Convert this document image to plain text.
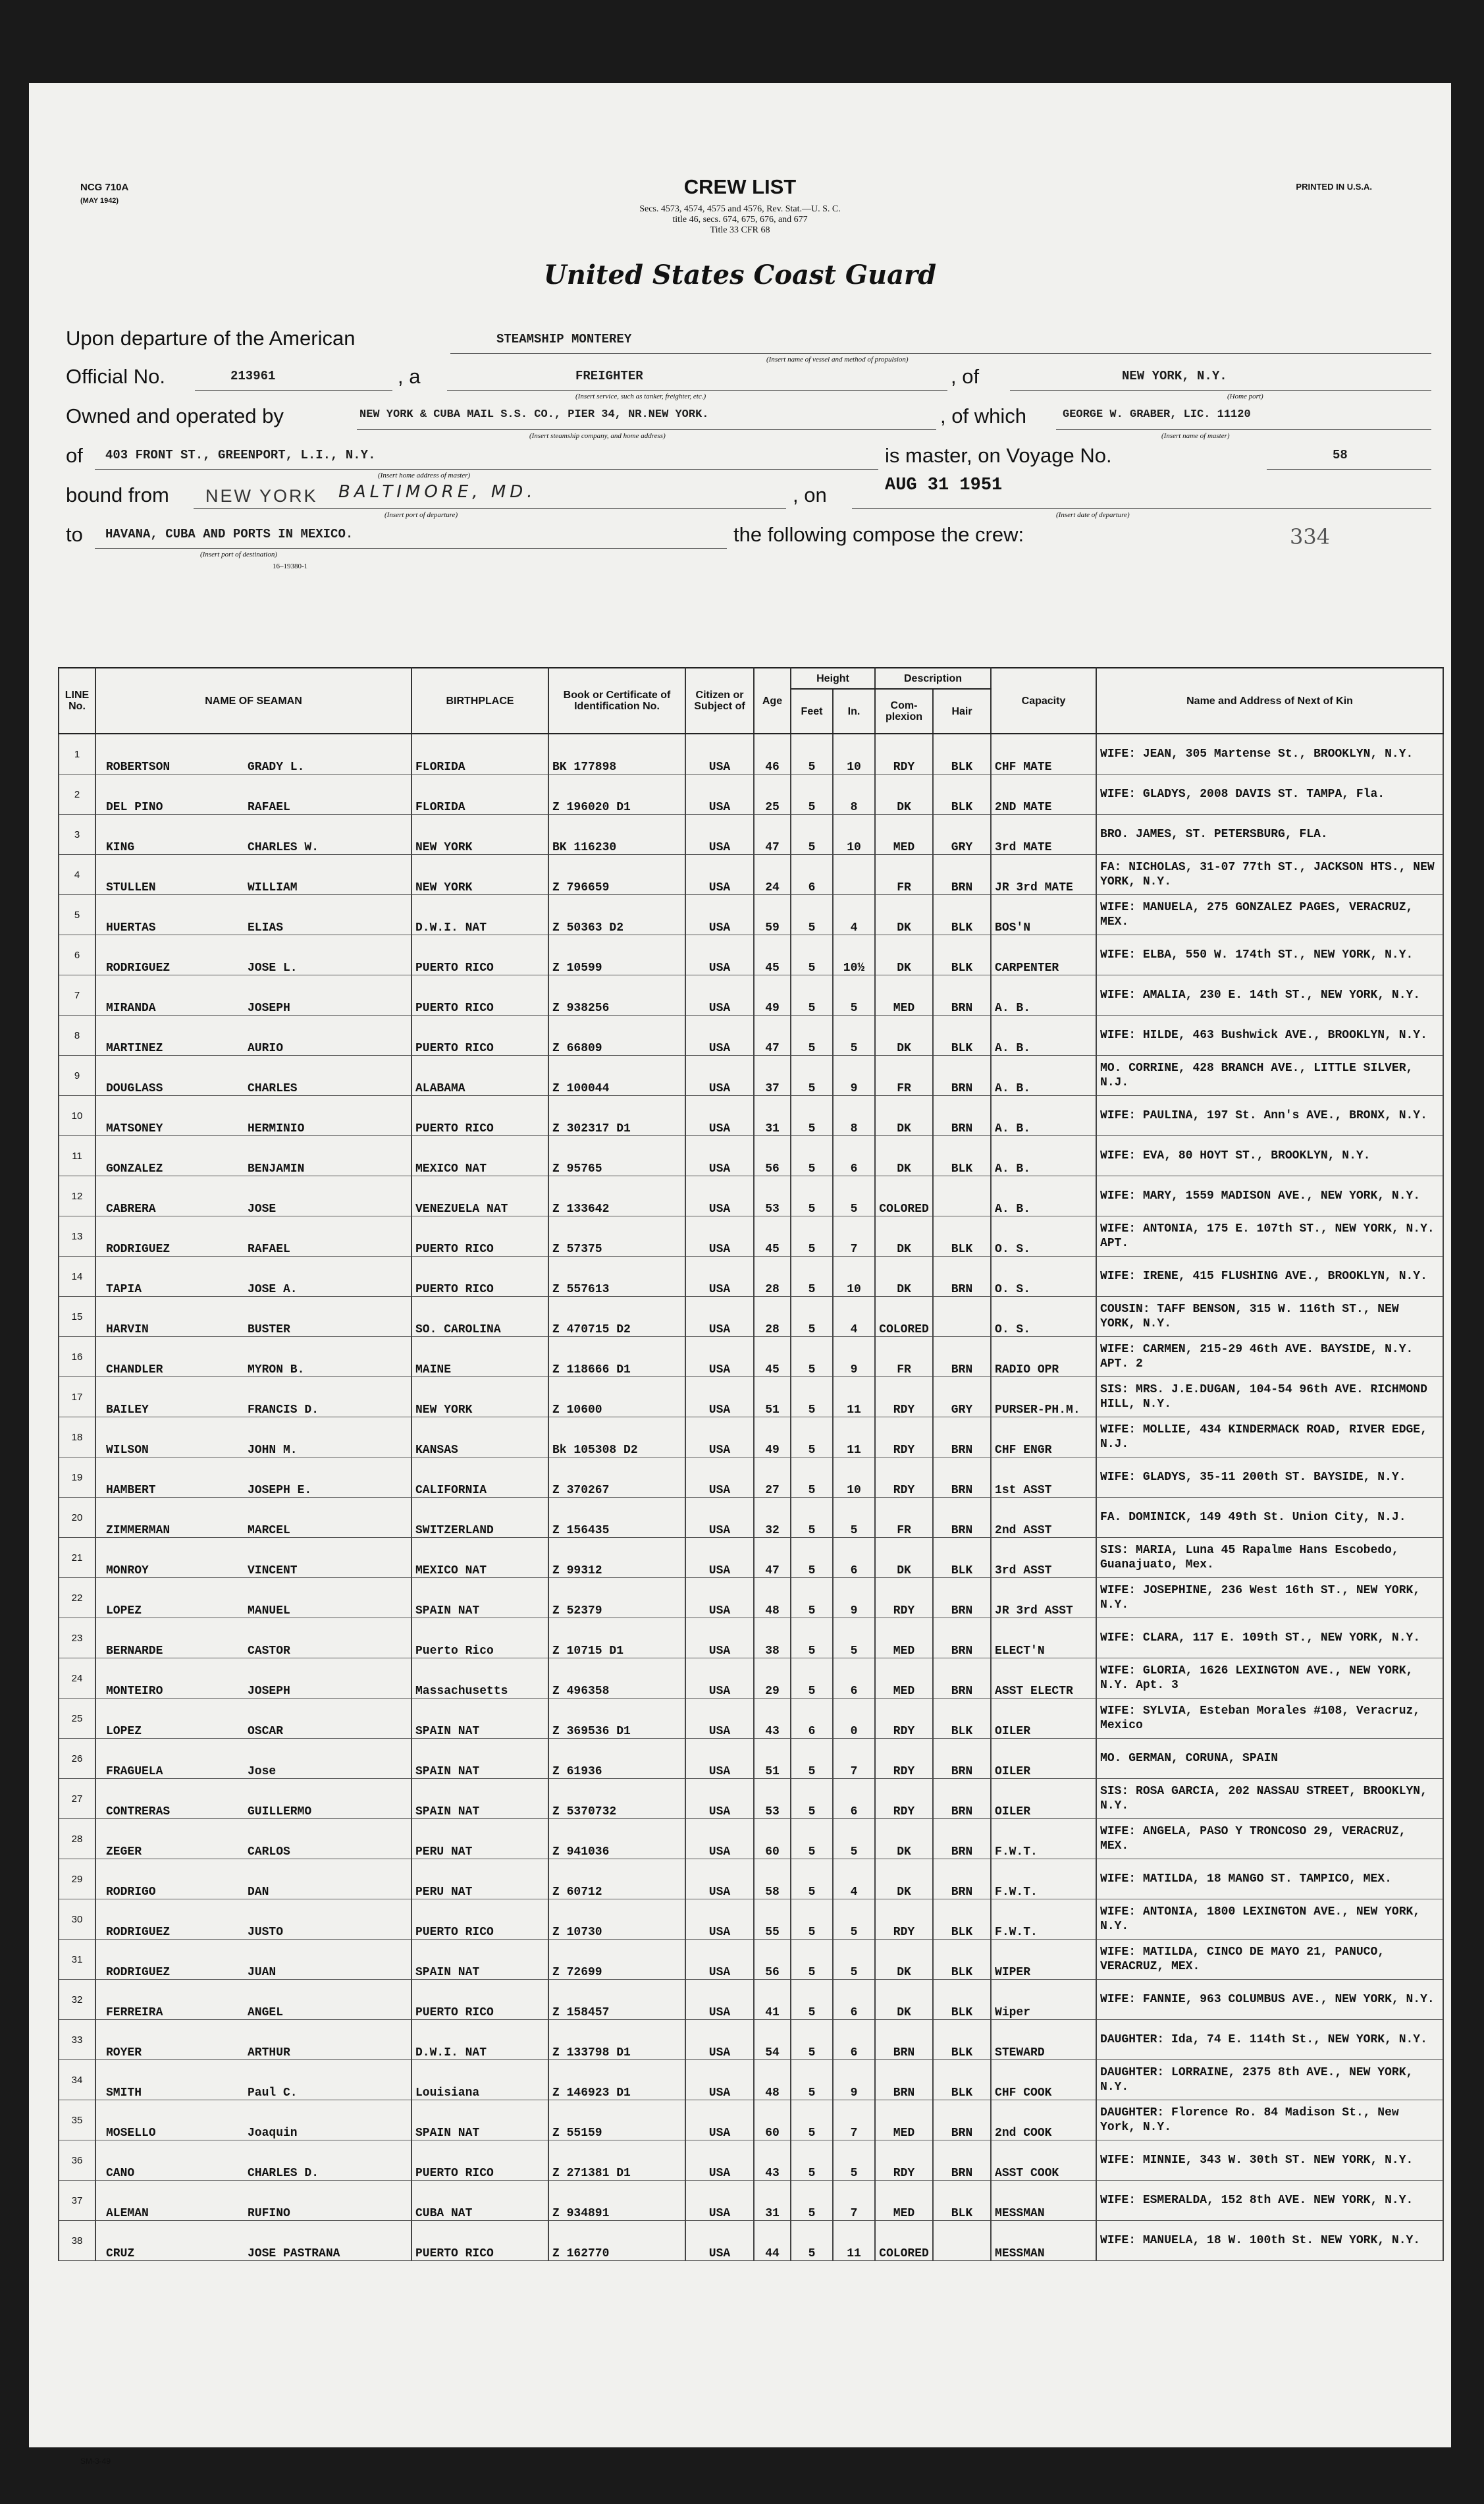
NCG 710A
(MAY 1942)
PRINTED IN U.S.A.
CREW LIST
Secs. 4573, 4574, 4575 and 4576, Rev. Stat.—U. S. C.
title 46, secs. 674, 675, 676, and 677
Title 33 CFR 68
United States Coast Guard
Upon departure of the American	STEAMSHIP MONTEREY
(Insert name of vessel and method of propulsion)
Official No.	213961	, a	FREIGHTER
(Insert service, such as tanker, freighter, etc.)
, of	NEW YORK, N.Y.
(Home port)
Owned and operated by	NEW YORK & CUBA MAIL S.S. CO., PIER 34, NR.NEW YORK.
(Insert steamship company, and home address)
, of which	GEORGE W. GRABER, LIC. 11120
(Insert name of master)
of 403 FRONT ST., GREENPORT, L.I., N.Y.
(Insert home address of master)
is master, on Voyage No.	58
bound from NEW YORK BALTIMORE, MD.
(Insert port of departure)
, on	AUG 31 1951
(Insert date of departure)
to HAVANA, CUBA AND PORTS IN MEXICO.
(Insert port of destination)
16–19380-1
the following compose the crew:	334
LINE No.	NAME OF SEAMAN	BIRTHPLACE	Book or Certificate of Identification No.	Citizen or Subject of	Age	Height		Description		Capacity	Name and Address of Next of Kin
						Feet	In.	Com-plexion	Hair		
1	ROBERTSON GRADY L.	FLORIDA	BK 177898	USA	46	5	10	RDY	BLK	CHF MATE	WIFE: JEAN, 305 Martense St., BROOKLYN, N.Y.
2	DEL PINO RAFAEL	FLORIDA	Z 196020 D1	USA	25	5	8	DK	BLK	2ND MATE	WIFE: GLADYS, 2008 DAVIS ST. TAMPA, Fla.
3	KING CHARLES W.	NEW YORK	BK 116230	USA	47	5	10	MED	GRY	3rd MATE	BRO. JAMES, ST. PETERSBURG, FLA.
4	STULLEN WILLIAM	NEW YORK	Z 796659	USA	24	6		FR	BRN	JR 3rd MATE	FA: NICHOLAS, 31-07 77th ST., JACKSON HTS., NEW YORK, N.Y.
5	HUERTAS ELIAS	D.W.I. NAT	Z 50363 D2	USA	59	5	4	DK	BLK	BOS'N	WIFE: MANUELA, 275 GONZALEZ PAGES, VERACRUZ, MEX.
6	RODRIGUEZ JOSE L.	PUERTO RICO	Z 10599	USA	45	5	10½	DK	BLK	CARPENTER	WIFE: ELBA, 550 W. 174th ST., NEW YORK, N.Y.
7	MIRANDA JOSEPH	PUERTO RICO	Z 938256	USA	49	5	5	MED	BRN	A. B.	WIFE: AMALIA, 230 E. 14th ST., NEW YORK, N.Y.
8	MARTINEZ AURIO	PUERTO RICO	Z 66809	USA	47	5	5	DK	BLK	A. B.	WIFE: HILDE, 463 Bushwick AVE., BROOKLYN, N.Y.
9	DOUGLASS CHARLES	ALABAMA	Z 100044	USA	37	5	9	FR	BRN	A. B.	MO. CORRINE, 428 BRANCH AVE., LITTLE SILVER, N.J.
10	MATSONEY HERMINIO	PUERTO RICO	Z 302317 D1	USA	31	5	8	DK	BRN	A. B.	WIFE: PAULINA, 197 St. Ann's AVE., BRONX, N.Y.
11	GONZALEZ BENJAMIN	MEXICO NAT	Z 95765	USA	56	5	6	DK	BLK	A. B.	WIFE: EVA, 80 HOYT ST., BROOKLYN, N.Y.
12	CABRERA JOSE	VENEZUELA NAT	Z 133642	USA	53	5	5	COLORED		A. B.	WIFE: MARY, 1559 MADISON AVE., NEW YORK, N.Y.
13	RODRIGUEZ RAFAEL	PUERTO RICO	Z 57375	USA	45	5	7	DK	BLK	O. S.	WIFE: ANTONIA, 175 E. 107th ST., NEW YORK, N.Y. APT.
14	TAPIA JOSE A.	PUERTO RICO	Z 557613	USA	28	5	10	DK	BRN	O. S.	WIFE: IRENE, 415 FLUSHING AVE., BROOKLYN, N.Y.
15	HARVIN BUSTER	SO. CAROLINA	Z 470715 D2	USA	28	5	4	COLORED		O. S.	COUSIN: TAFF BENSON, 315 W. 116th ST., NEW YORK, N.Y.
16	CHANDLER MYRON B.	MAINE	Z 118666 D1	USA	45	5	9	FR	BRN	RADIO OPR	WIFE: CARMEN, 215-29 46th AVE. BAYSIDE, N.Y. APT. 2
17	BAILEY FRANCIS D.	NEW YORK	Z 10600	USA	51	5	11	RDY	GRY	PURSER-PH.M.	SIS: MRS. J.E.DUGAN, 104-54 96th AVE. RICHMOND HILL, N.Y.
18	WILSON JOHN M.	KANSAS	Bk 105308 D2	USA	49	5	11	RDY	BRN	CHF ENGR	WIFE: MOLLIE, 434 KINDERMACK ROAD, RIVER EDGE, N.J.
19	HAMBERT JOSEPH E.	CALIFORNIA	Z 370267	USA	27	5	10	RDY	BRN	1st ASST	WIFE: GLADYS, 35-11 200th ST. BAYSIDE, N.Y.
20	ZIMMERMAN MARCEL	SWITZERLAND	Z 156435	USA	32	5	5	FR	BRN	2nd ASST	FA. DOMINICK, 149 49th St. Union City, N.J.
21	MONROY VINCENT	MEXICO NAT	Z 99312	USA	47	5	6	DK	BLK	3rd ASST	SIS: MARIA, Luna 45 Rapalme Hans Escobedo, Guanajuato, Mex.
22	LOPEZ MANUEL	SPAIN NAT	Z 52379	USA	48	5	9	RDY	BRN	JR 3rd ASST	WIFE: JOSEPHINE, 236 West 16th ST., NEW YORK, N.Y.
23	BERNARDE CASTOR	Puerto Rico	Z 10715 D1	USA	38	5	5	MED	BRN	ELECT'N	WIFE: CLARA, 117 E. 109th ST., NEW YORK, N.Y.
24	MONTEIRO JOSEPH	Massachusetts	Z 496358	USA	29	5	6	MED	BRN	ASST ELECTR	WIFE: GLORIA, 1626 LEXINGTON AVE., NEW YORK, N.Y. Apt. 3
25	LOPEZ OSCAR	SPAIN NAT	Z 369536 D1	USA	43	6	0	RDY	BLK	OILER	WIFE: SYLVIA, Esteban Morales #108, Veracruz, Mexico
26	FRAGUELA Jose	SPAIN NAT	Z 61936	USA	51	5	7	RDY	BRN	OILER	MO. GERMAN, CORUNA, SPAIN
27	CONTRERAS GUILLERMO	SPAIN NAT	Z 5370732	USA	53	5	6	RDY	BRN	OILER	SIS: ROSA GARCIA, 202 NASSAU STREET, BROOKLYN, N.Y.
28	ZEGER CARLOS	PERU NAT	Z 941036	USA	60	5	5	DK	BRN	F.W.T.	WIFE: ANGELA, PASO Y TRONCOSO 29, VERACRUZ, MEX.
29	RODRIGO DAN	PERU NAT	Z 60712	USA	58	5	4	DK	BRN	F.W.T.	WIFE: MATILDA, 18 MANGO ST. TAMPICO, MEX.
30	RODRIGUEZ JUSTO	PUERTO RICO	Z 10730	USA	55	5	5	RDY	BLK	F.W.T.	WIFE: ANTONIA, 1800 LEXINGTON AVE., NEW YORK, N.Y.
31	RODRIGUEZ JUAN	SPAIN NAT	Z 72699	USA	56	5	5	DK	BLK	WIPER	WIFE: MATILDA, CINCO DE MAYO 21, PANUCO, VERACRUZ, MEX.
32	FERREIRA ANGEL	PUERTO RICO	Z 158457	USA	41	5	6	DK	BLK	Wiper	WIFE: FANNIE, 963 COLUMBUS AVE., NEW YORK, N.Y.
33	ROYER ARTHUR	D.W.I. NAT	Z 133798 D1	USA	54	5	6	BRN	BLK	STEWARD	DAUGHTER: Ida, 74 E. 114th St., NEW YORK, N.Y.
34	SMITH Paul C.	Louisiana	Z 146923 D1	USA	48	5	9	BRN	BLK	CHF COOK	DAUGHTER: LORRAINE, 2375 8th AVE., NEW YORK, N.Y.
35	MOSELLO Joaquin	SPAIN NAT	Z 55159	USA	60	5	7	MED	BRN	2nd COOK	DAUGHTER: Florence Ro. 84 Madison St., New York, N.Y.
36	CANO CHARLES D.	PUERTO RICO	Z 271381 D1	USA	43	5	5	RDY	BRN	ASST COOK	WIFE: MINNIE, 343 W. 30th ST. NEW YORK, N.Y.
37	ALEMAN RUFINO	CUBA NAT	Z 934891	USA	31	5	7	MED	BLK	MESSMAN	WIFE: ESMERALDA, 152 8th AVE. NEW YORK, N.Y.
38	CRUZ JOSE PASTRANA	PUERTO RICO	Z 162770	USA	44	5	11	COLORED		MESSMAN	WIFE: MANUELA, 18 W. 100th St. NEW YORK, N.Y.
SM-3-49
